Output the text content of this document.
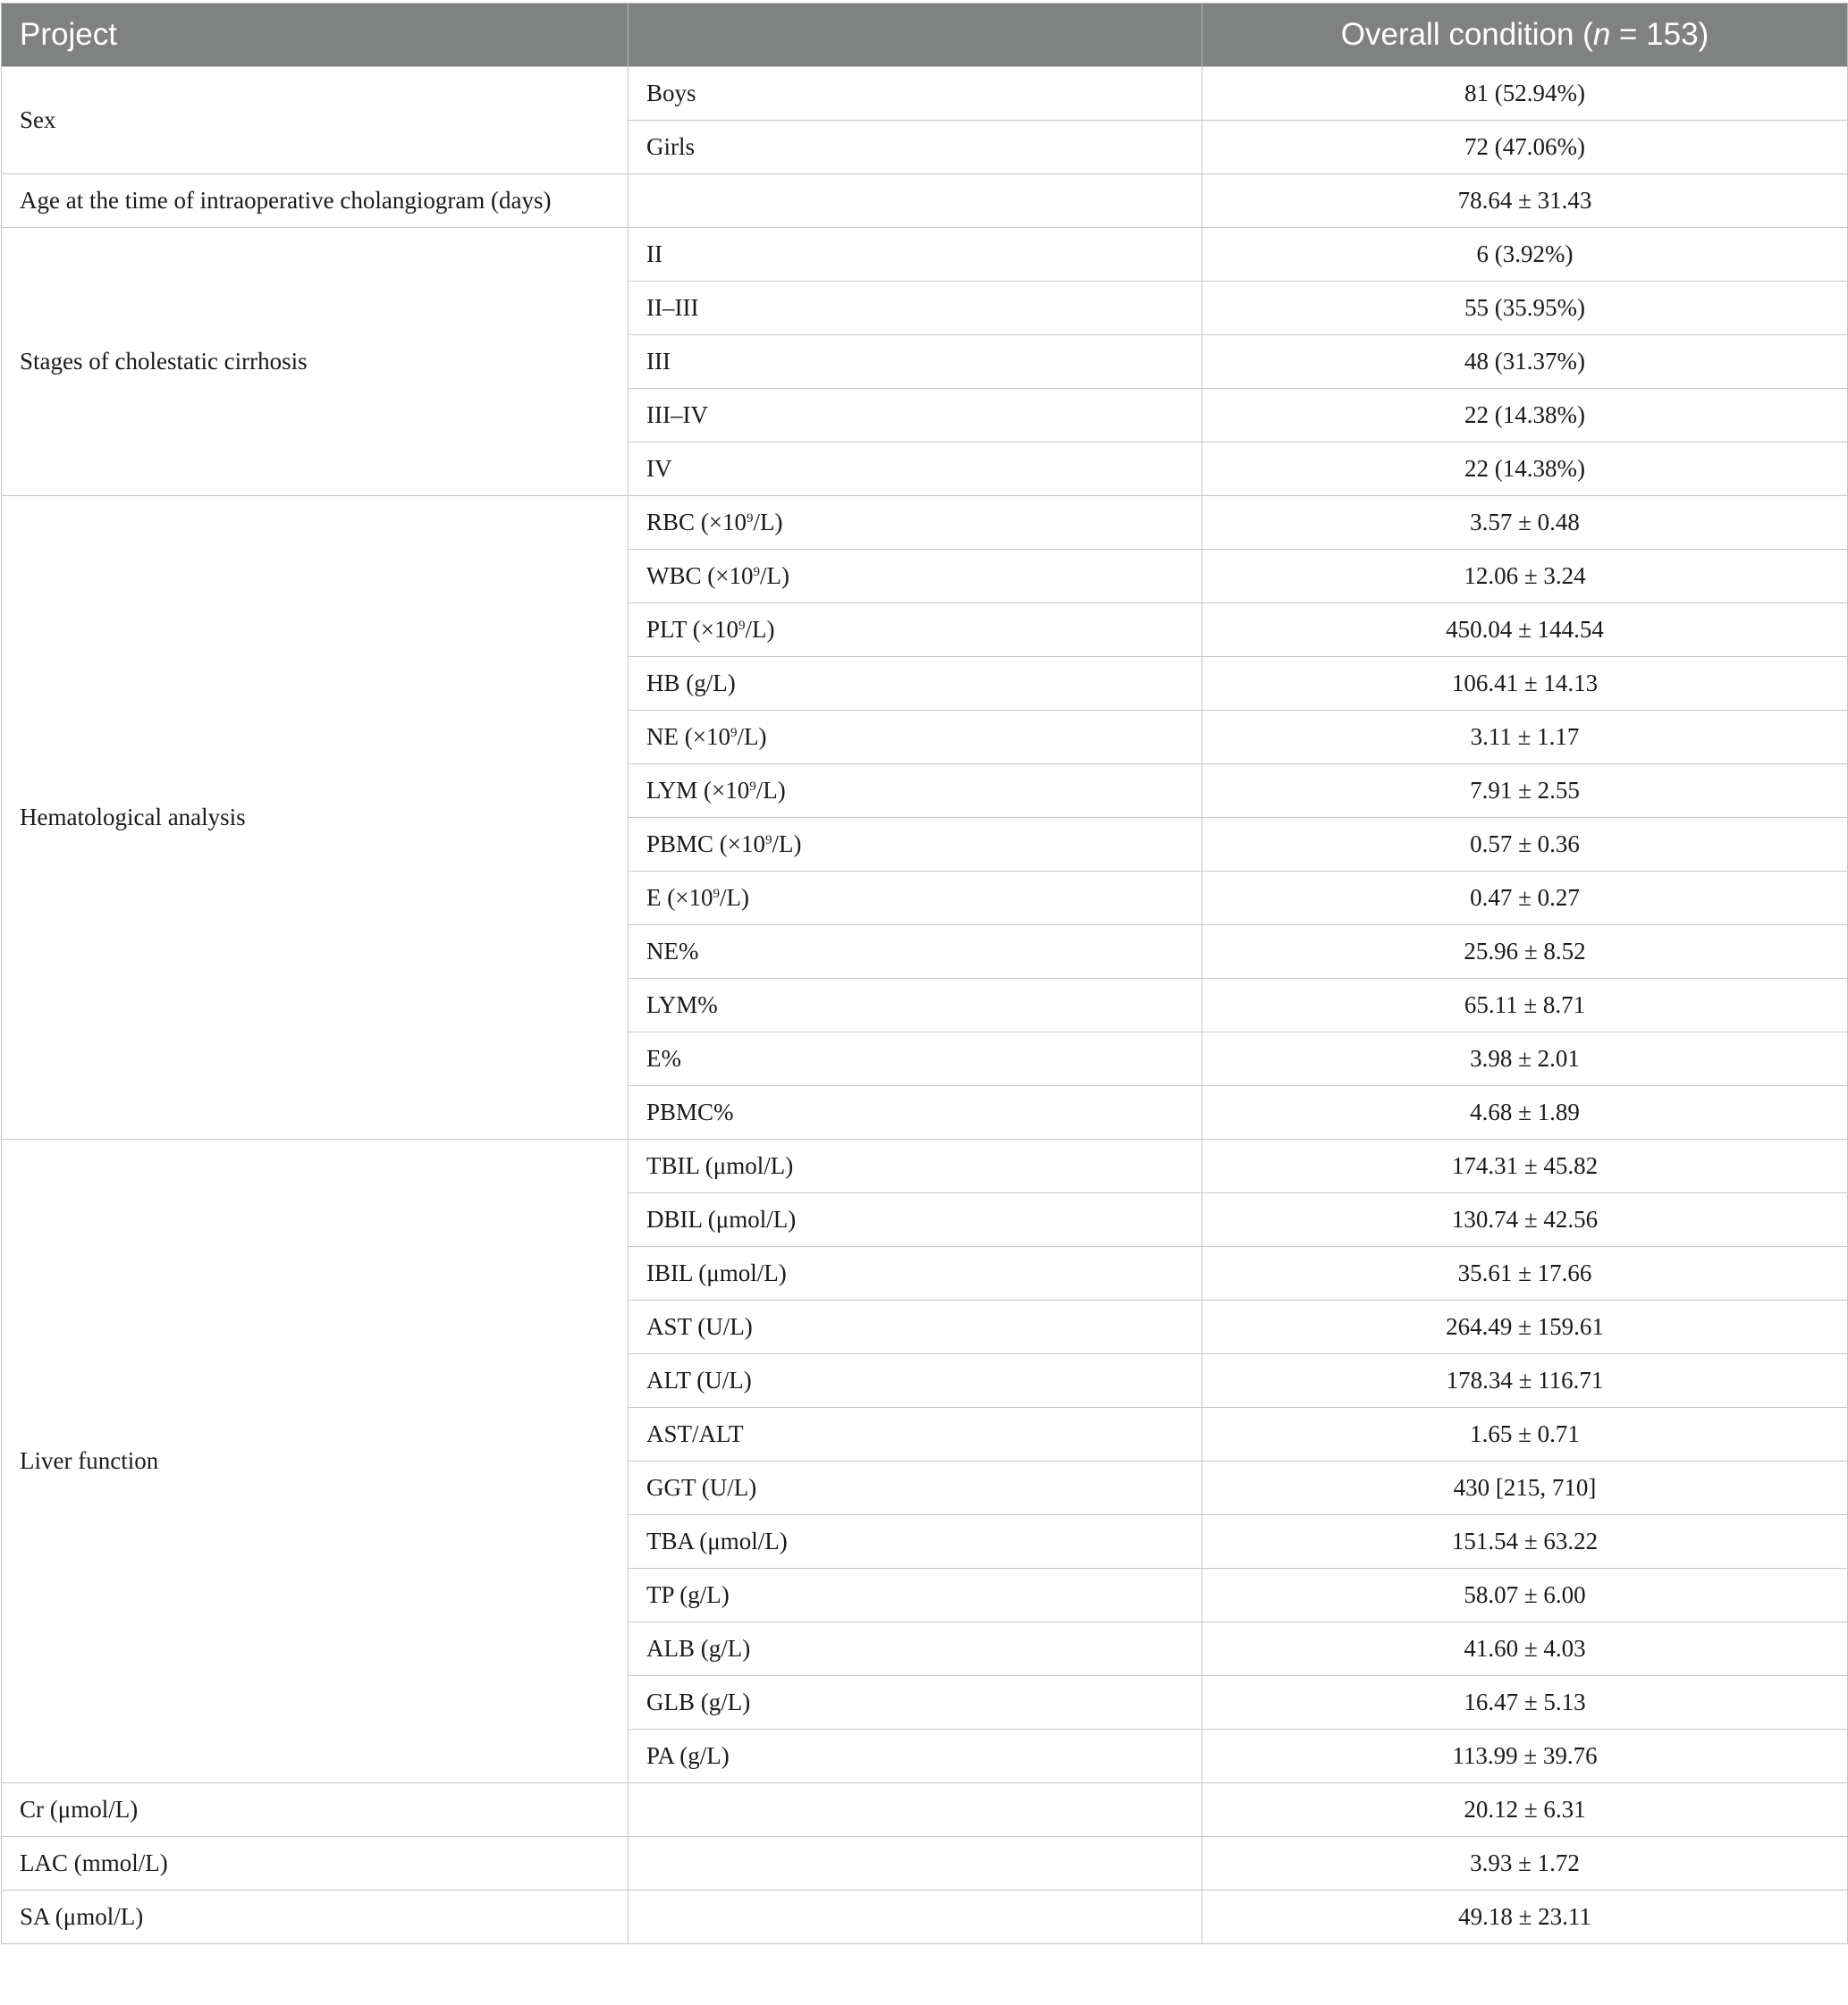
Project		Overall condition (n = 153)
Sex	Boys	81 (52.94%)
	Girls	72 (47.06%)
Age at the time of intraoperative cholangiogram (days)		78.64 ± 31.43
Stages of cholestatic cirrhosis	II	6 (3.92%)
	II–III	55 (35.95%)
	III	48 (31.37%)
	III–IV	22 (14.38%)
	IV	22 (14.38%)
Hematological analysis	RBC $(\times 10^9/L)$	3.57 ± 0.48
	WBC $(\times 10^9/L)$	12.06 ± 3.24
	PLT $(\times 10^9/L)$	450.04 ± 144.54
	HB (g/L)	106.41 ± 14.13
	NE $(\times 10^9/L)$	3.11 ± 1.17
	LYM $(\times 10^9/L)$	7.91 ± 2.55
	PBMC $(\times 10^9/L)$	0.57 ± 0.36
	E $(\times 10^9/L)$	0.47 ± 0.27
	NE%	25.96 ± 8.52
	LYM%	65.11 ± 8.71
	E%	3.98 ± 2.01
	PBMC%	4.68 ± 1.89
Liver function	TBIL (μmol/L)	174.31 ± 45.82
	DBIL (μmol/L)	130.74 ± 42.56
	IBIL (μmol/L)	35.61 ± 17.66
	AST (U/L)	264.49 ± 159.61
	ALT (U/L)	178.34 ± 116.71
	AST/ALT	1.65 ± 0.71
	GGT (U/L)	430 [215, 710]
	TBA (μmol/L)	151.54 ± 63.22
	TP (g/L)	58.07 ± 6.00
	ALB (g/L)	41.60 ± 4.03
	GLB (g/L)	16.47 ± 5.13
	PA (g/L)	113.99 ± 39.76
Cr (μmol/L)		20.12 ± 6.31
LAC (mmol/L)		3.93 ± 1.72
SA (μmol/L)		49.18 ± 23.11
